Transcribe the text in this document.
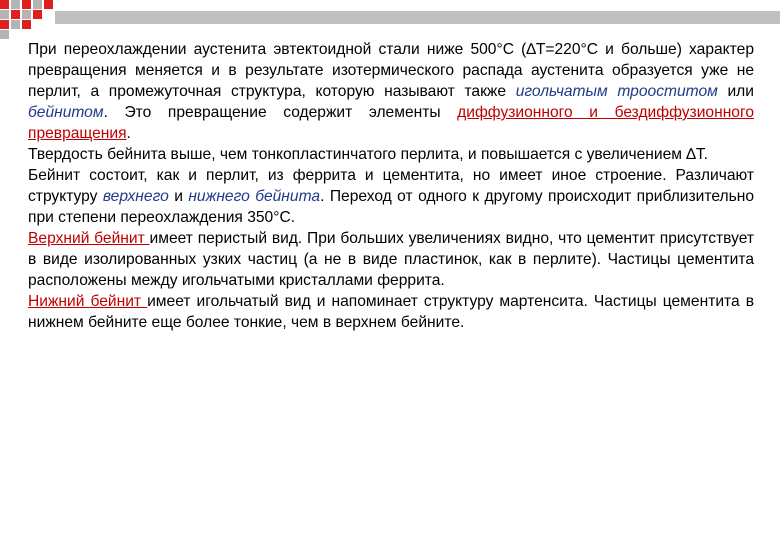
При переохлаждении аустенита эвтектоидной стали ниже 500°С (∆Т=220°С и больше) характер превращения меняется и в результате изотермического распада аустенита образуется уже не перлит, а промежуточная структура, которую называют также игольчатым трооститом или бейнитом. Это превращение содержит элементы диффузионного и бездиффузионного превращения.

Твердость бейнита выше, чем тонкопластинчатого перлита, и повышается с увеличением ∆Т.

Бейнит состоит, как и перлит, из феррита и цементита, но имеет иное строение. Различают структуру верхнего и нижнего бейнита. Переход от одного к другому происходит приблизительно при степени переохлаждения 350°С.

Верхний бейнит имеет перистый вид. При больших увеличениях видно, что цементит присутствует в виде изолированных узких частиц (а не в виде пластинок, как в перлите). Частицы цементита расположены между игольчатыми кристаллами феррита.

Нижний бейнит имеет игольчатый вид и напоминает структуру мартенсита. Частицы цементита в нижнем бейните еще более тонкие, чем в верхнем бейните.
